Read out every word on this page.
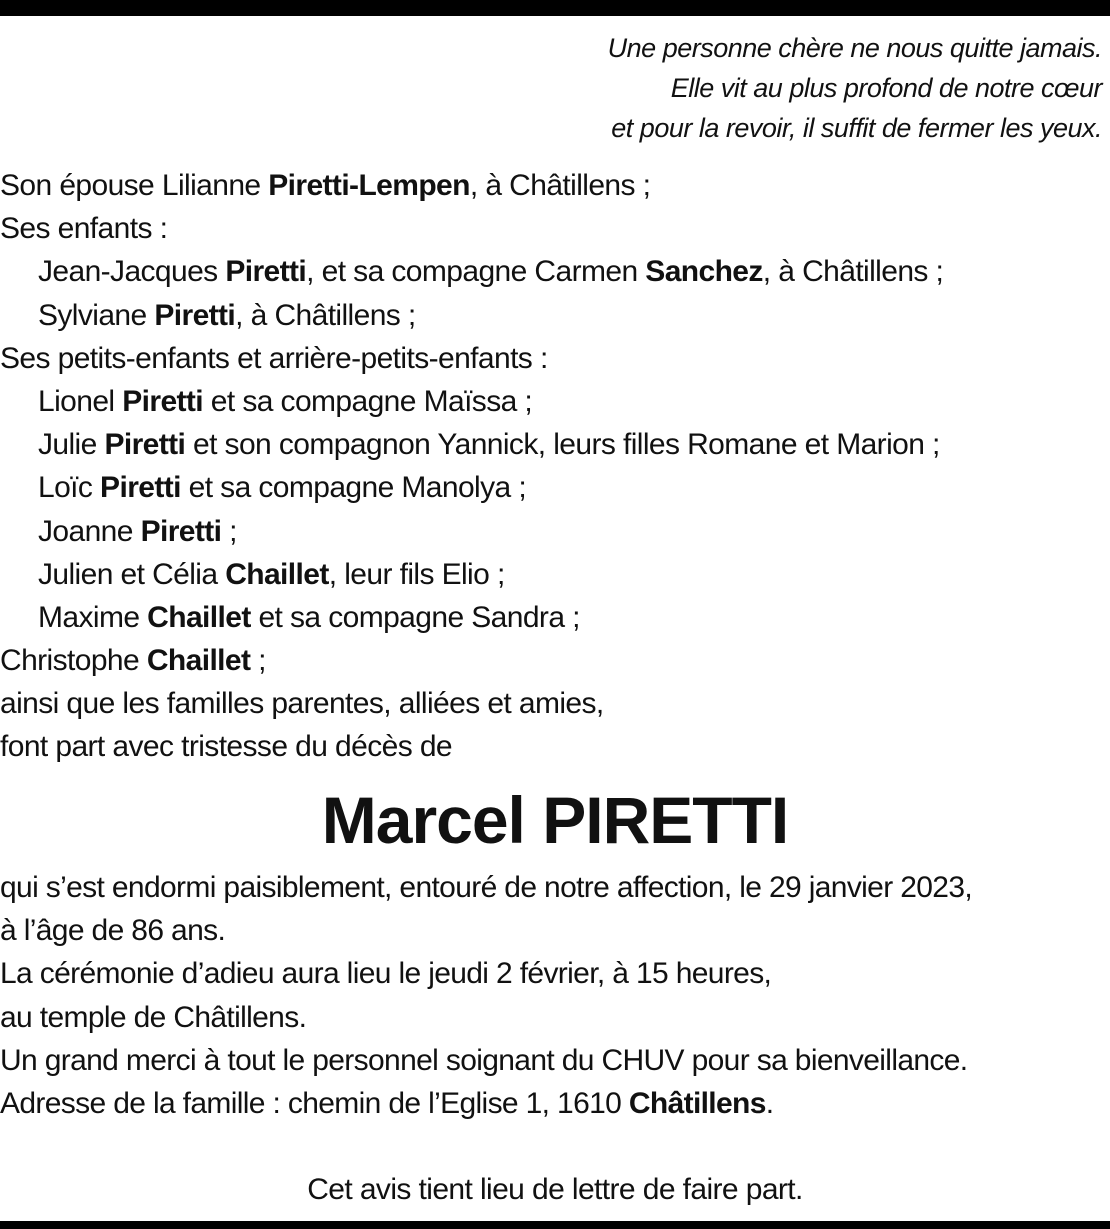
Une personne chère ne nous quitte jamais.
Elle vit au plus profond de notre cœur
et pour la revoir, il suffit de fermer les yeux.
Son épouse Lilianne Piretti-Lempen, à Châtillens ;
Ses enfants :
Jean-Jacques Piretti, et sa compagne Carmen Sanchez, à Châtillens ;
Sylviane Piretti, à Châtillens ;
Ses petits-enfants et arrière-petits-enfants :
Lionel Piretti et sa compagne Maïssa ;
Julie Piretti et son compagnon Yannick, leurs filles Romane et Marion ;
Loïc Piretti et sa compagne Manolya ;
Joanne Piretti ;
Julien et Célia Chaillet, leur fils Elio ;
Maxime Chaillet et sa compagne Sandra ;
Christophe Chaillet ;
ainsi que les familles parentes, alliées et amies,
font part avec tristesse du décès de
Marcel PIRETTI
qui s’est endormi paisiblement, entouré de notre affection, le 29 janvier 2023,
à l’âge de 86 ans.
La cérémonie d’adieu aura lieu le jeudi 2 février, à 15 heures,
au temple de Châtillens.
Un grand merci à tout le personnel soignant du CHUV pour sa bienveillance.
Adresse de la famille : chemin de l’Eglise 1, 1610 Châtillens.
Cet avis tient lieu de lettre de faire part.
